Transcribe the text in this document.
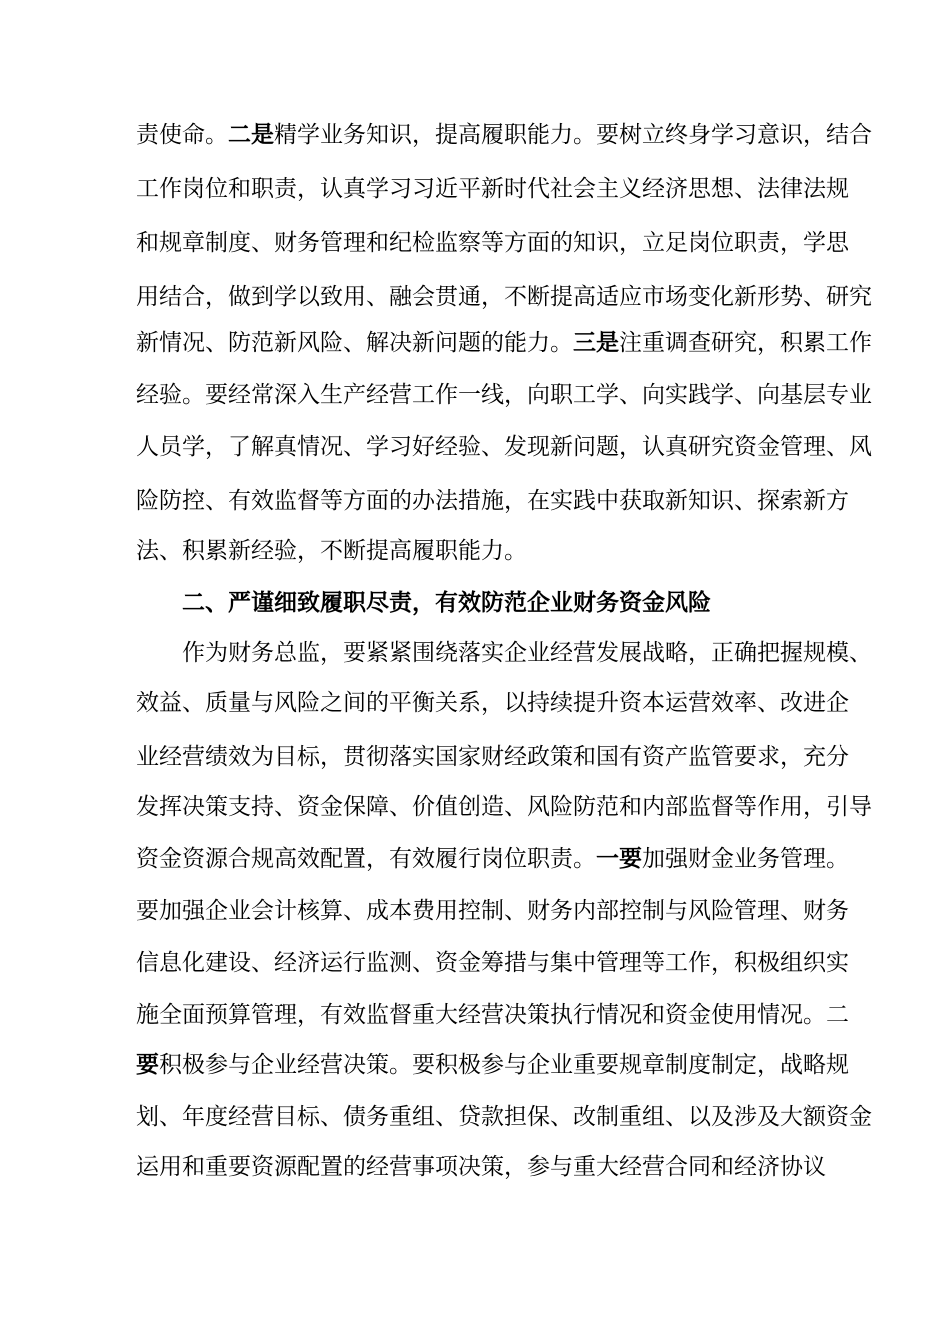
责使命。二是精学业务知识，提高履职能力。要树立终身学习意识，结合
工作岗位和职责，认真学习习近平新时代社会主义经济思想、法律法规
和规章制度、财务管理和纪检监察等方面的知识，立足岗位职责，学思
用结合，做到学以致用、融会贯通，不断提高适应市场变化新形势、研究
新情况、防范新风险、解决新问题的能力。三是注重调查研究，积累工作
经验。要经常深入生产经营工作一线，向职工学、向实践学、向基层专业
人员学，了解真情况、学习好经验、发现新问题，认真研究资金管理、风
险防控、有效监督等方面的办法措施，在实践中获取新知识、探索新方
法、积累新经验，不断提高履职能力。
二、严谨细致履职尽责，有效防范企业财务资金风险
作为财务总监，要紧紧围绕落实企业经营发展战略，正确把握规模、
效益、质量与风险之间的平衡关系，以持续提升资本运营效率、改进企
业经营绩效为目标，贯彻落实国家财经政策和国有资产监管要求，充分
发挥决策支持、资金保障、价值创造、风险防范和内部监督等作用，引导
资金资源合规高效配置，有效履行岗位职责。一要加强财金业务管理。
要加强企业会计核算、成本费用控制、财务内部控制与风险管理、财务
信息化建设、经济运行监测、资金筹措与集中管理等工作，积极组织实
施全面预算管理，有效监督重大经营决策执行情况和资金使用情况。二
要积极参与企业经营决策。要积极参与企业重要规章制度制定，战略规
划、年度经营目标、债务重组、贷款担保、改制重组、以及涉及大额资金
运用和重要资源配置的经营事项决策，参与重大经营合同和经济协议
